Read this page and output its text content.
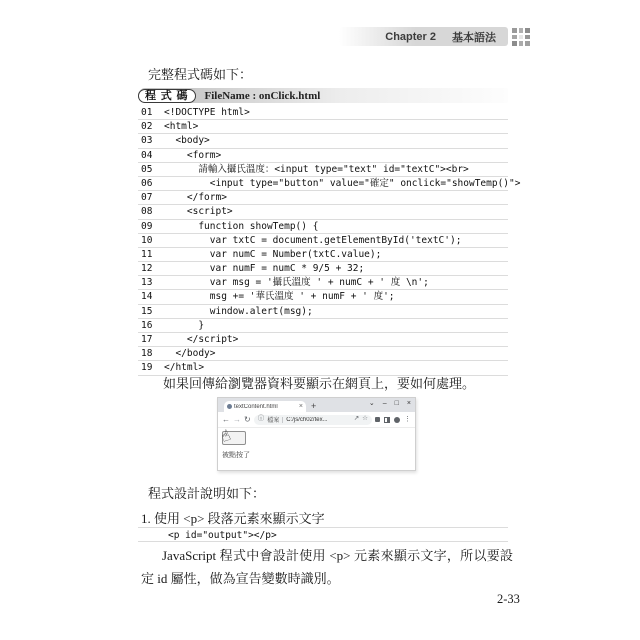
Chapter 2 基本語法

完整程式碼如下：

程 式 碼	FileName : onClick.html
01	<!DOCTYPE html>
02	<html>
03	<body>
04	<form>
05	請輸入攝氏溫度：<input type="text" id="textC"><br>
06	<input type="button" value="確定" onclick="showTemp()">
07	</form>
08	<script>
09	function showTemp() {
10	var txtC = document.getElementById('textC');
11	var numC = Number(txtC.value);
12	var numF = numC * 9/5 + 32;
13	var msg = '攝氏溫度 ' + numC + ' 度 \n';
14	msg += '華氏溫度 ' + numF + ' 度';
15	window.alert(msg);
16	}
17	</script>
18	</body>
19	</html>

如果回傳給瀏覽器資料要顯示在網頁上，要如何處理。

textContent.html	× +	⌄ – □ ×
← → ↻ ⓘ 檔案 C:/js/ch02/tex...	↗ ☆	⋮
☝
被點按了

程式設計說明如下：

1. 使用 <p> 段落元素來顯示文字

<p id="output"></p>

JavaScript 程式中會設計使用 <p> 元素來顯示文字，所以要設定 id 屬性，做為宣告變數時識別。

2-33
